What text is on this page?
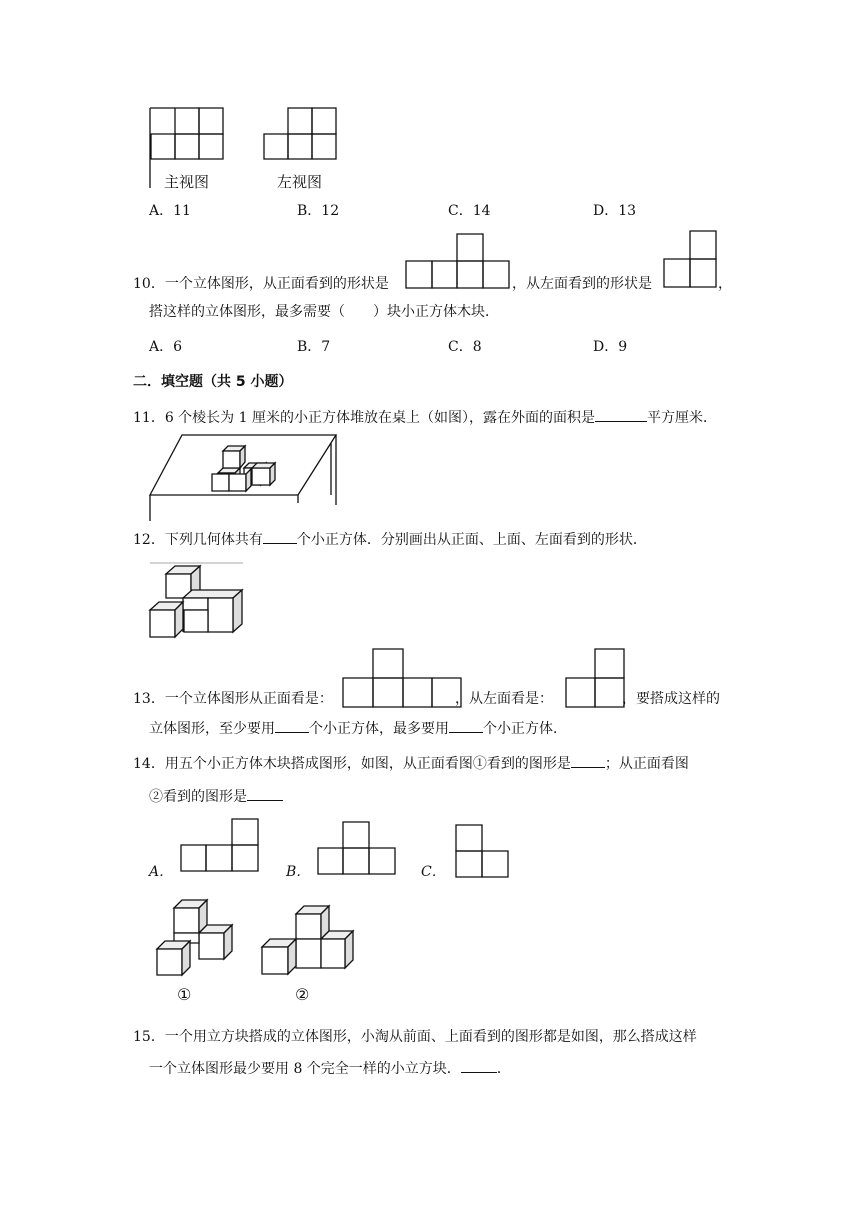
主视图	左视图
A．11	B．12	C．14	D．13
10．一个立体图形，从正面看到的形状是	，从左面看到的形状是	，
搭这样的立体图形，最多需要（　　）块小正方体木块．
A．6	B．7	C．8	D．9
二．填空题（共 5 小题）
11．6 个棱长为 1 厘米的小正方体堆放在桌上（如图），露在外面的面积是	平方厘米．
12．下列几何体共有 个小正方体．分别画出从正面、上面、左面看到的形状．
13．一个立体图形从正面看是：	，从左面看是：	，要搭成这样的
立体图形，至少要用 个小正方体，最多要用 个小正方体．
14．用五个小正方体木块搭成图形，如图，从正面看图①看到的图形是 ；从正面看图
②看到的图形是
A．	B．	C．
①	②
15．一个用立方块搭成的立体图形，小淘从前面、上面看到的图形都是如图，那么搭成这样
一个立体图形最少要用 8 个完全一样的小立方块．	．
